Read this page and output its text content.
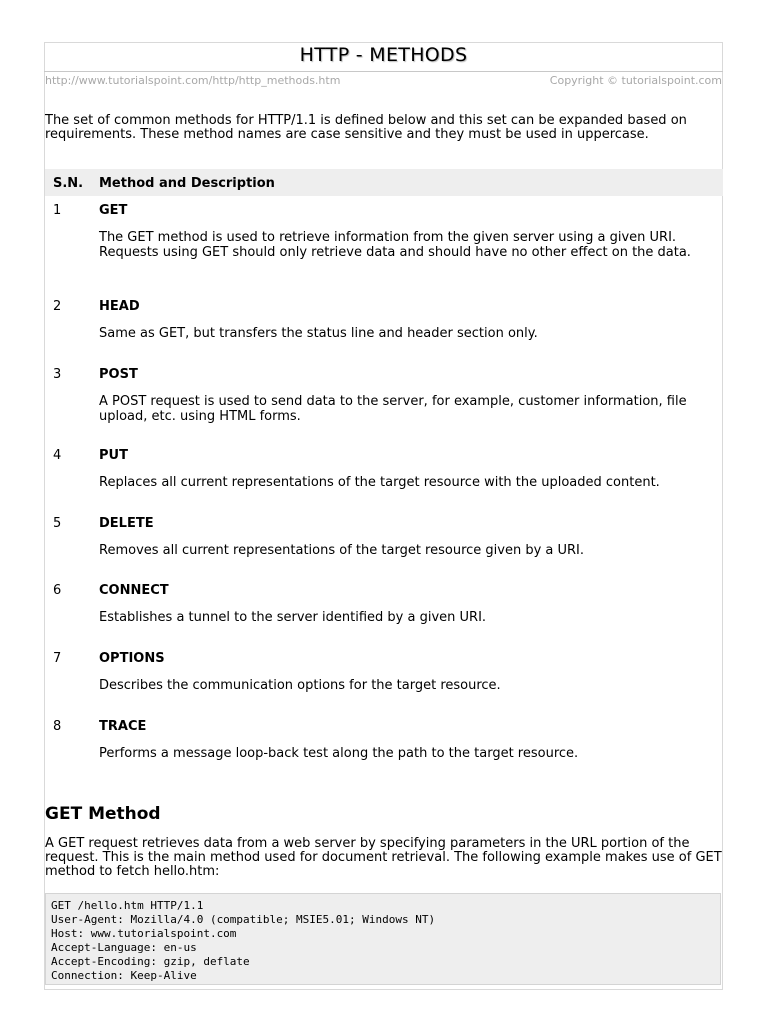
HTTP - METHODS
http://www.tutorialspoint.com/http/http_methods.htm	Copyright © tutorialspoint.com

The set of common methods for HTTP/1.1 is defined below and this set can be expanded based on requirements. These method names are case sensitive and they must be used in uppercase.

S.N. Method and Description
1	GET

The GET method is used to retrieve information from the given server using a given URI. Requests using GET should only retrieve data and should have no other effect on the data.

2	HEAD

Same as GET, but transfers the status line and header section only.

3	POST

A POST request is used to send data to the server, for example, customer information, file upload, etc. using HTML forms.

4	PUT

Replaces all current representations of the target resource with the uploaded content.

5	DELETE

Removes all current representations of the target resource given by a URI.

6	CONNECT

Establishes a tunnel to the server identified by a given URI.

7	OPTIONS

Describes the communication options for the target resource.

8	TRACE

Performs a message loop-back test along the path to the target resource.

GET Method

A GET request retrieves data from a web server by specifying parameters in the URL portion of the request. This is the main method used for document retrieval. The following example makes use of GET method to fetch hello.htm:

GET /hello.htm HTTP/1.1
User-Agent: Mozilla/4.0 (compatible; MSIE5.01; Windows NT)
Host: www.tutorialspoint.com
Accept-Language: en-us
Accept-Encoding: gzip, deflate
Connection: Keep-Alive
